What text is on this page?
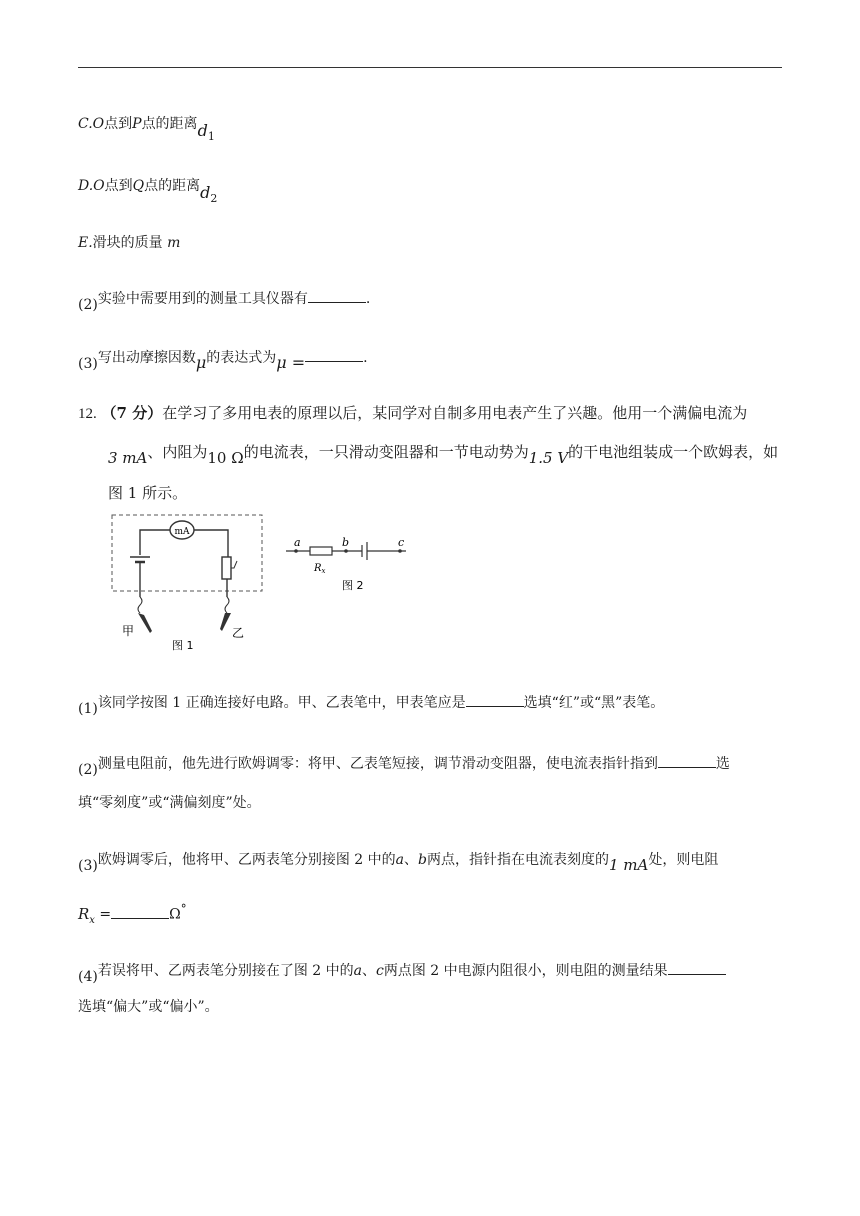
C.O点到P点的距离$d_1$
D.O点到Q点的距离$d_2$
E.滑块的质量 m
(2)实验中需要用到的测量工具仪器有	.
(3)写出动摩擦因数μ的表达式为μ =	.
12. （7 分）在学习了多用电表的原理以后，某同学对自制多用电表产生了兴趣。他用一个满偏电流为
3 mA、内阻为10 Ω的电流表，一只滑动变阻器和一节电动势为1.5 V的干电池组装成一个欧姆表，如
图 1 所示。
mA
甲	乙
图 1
a	b	c
$R_x$
图 2
(1)该同学按图 1 正确连接好电路。甲、乙表笔中，甲表笔应是	选填“红”或“黑”表笔。
(2)测量电阻前，他先进行欧姆调零：将甲、乙表笔短接，调节滑动变阻器，使电流表指针指到	选
填“零刻度”或“满偏刻度”处。
(3)欧姆调零后，他将甲、乙两表笔分别接图 2 中的a、b两点，指针指在电流表刻度的1 mA处，则电阻
$R_x$ =	Ω°
(4)若误将甲、乙两表笔分别接在了图 2 中的a、c两点图 2 中电源内阻很小，则电阻的测量结果
选填“偏大”或“偏小”。
